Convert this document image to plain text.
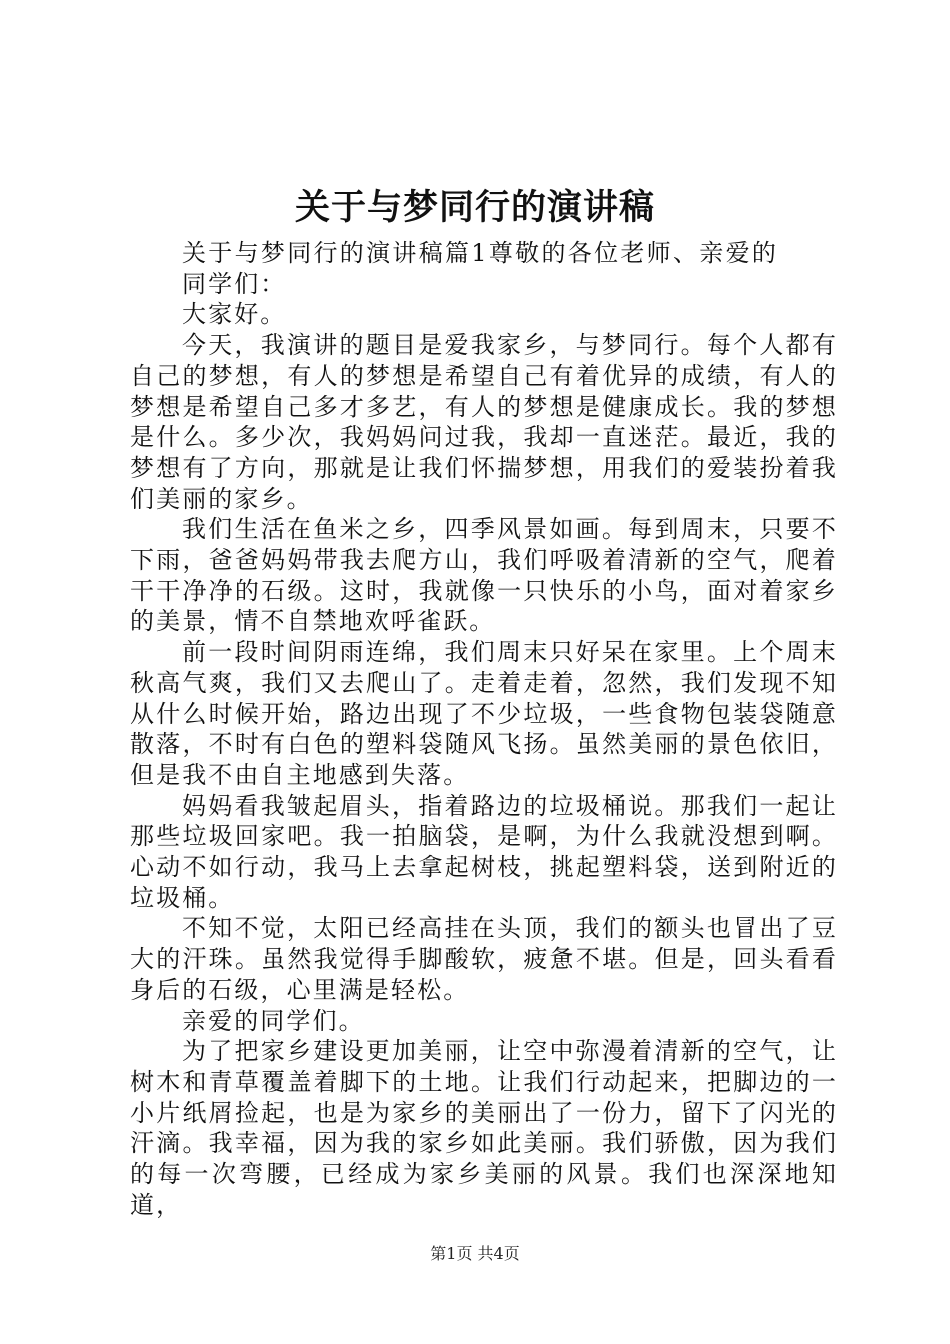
关于与梦同行的演讲稿

关于与梦同行的演讲稿篇1尊敬的各位老师、亲爱的同学们：

大家好。

今天，我演讲的题目是爱我家乡，与梦同行。每个人都有自己的梦想，有人的梦想是希望自己有着优异的成绩，有人的梦想是希望自己多才多艺，有人的梦想是健康成长。我的梦想是什么。多少次，我妈妈问过我，我却一直迷茫。最近，我的梦想有了方向，那就是让我们怀揣梦想，用我们的爱装扮着我们美丽的家乡。

我们生活在鱼米之乡，四季风景如画。每到周末，只要不下雨，爸爸妈妈带我去爬方山，我们呼吸着清新的空气，爬着干干净净的石级。这时，我就像一只快乐的小鸟，面对着家乡的美景，情不自禁地欢呼雀跃。

前一段时间阴雨连绵，我们周末只好呆在家里。上个周末秋高气爽，我们又去爬山了。走着走着，忽然，我们发现不知从什么时候开始，路边出现了不少垃圾，一些食物包装袋随意散落，不时有白色的塑料袋随风飞扬。虽然美丽的景色依旧，但是我不由自主地感到失落。

妈妈看我皱起眉头，指着路边的垃圾桶说。那我们一起让那些垃圾回家吧。我一拍脑袋，是啊，为什么我就没想到啊。心动不如行动，我马上去拿起树枝，挑起塑料袋，送到附近的垃圾桶。

不知不觉，太阳已经高挂在头顶，我们的额头也冒出了豆大的汗珠。虽然我觉得手脚酸软，疲惫不堪。但是，回头看看身后的石级，心里满是轻松。

亲爱的同学们。

为了把家乡建设更加美丽，让空中弥漫着清新的空气，让树木和青草覆盖着脚下的土地。让我们行动起来，把脚边的一小片纸屑捡起，也是为家乡的美丽出了一份力，留下了闪光的汗滴。我幸福，因为我的家乡如此美丽。我们骄傲，因为我们的每一次弯腰，已经成为家乡美丽的风景。我们也深深地知道，

第1页 共4页
